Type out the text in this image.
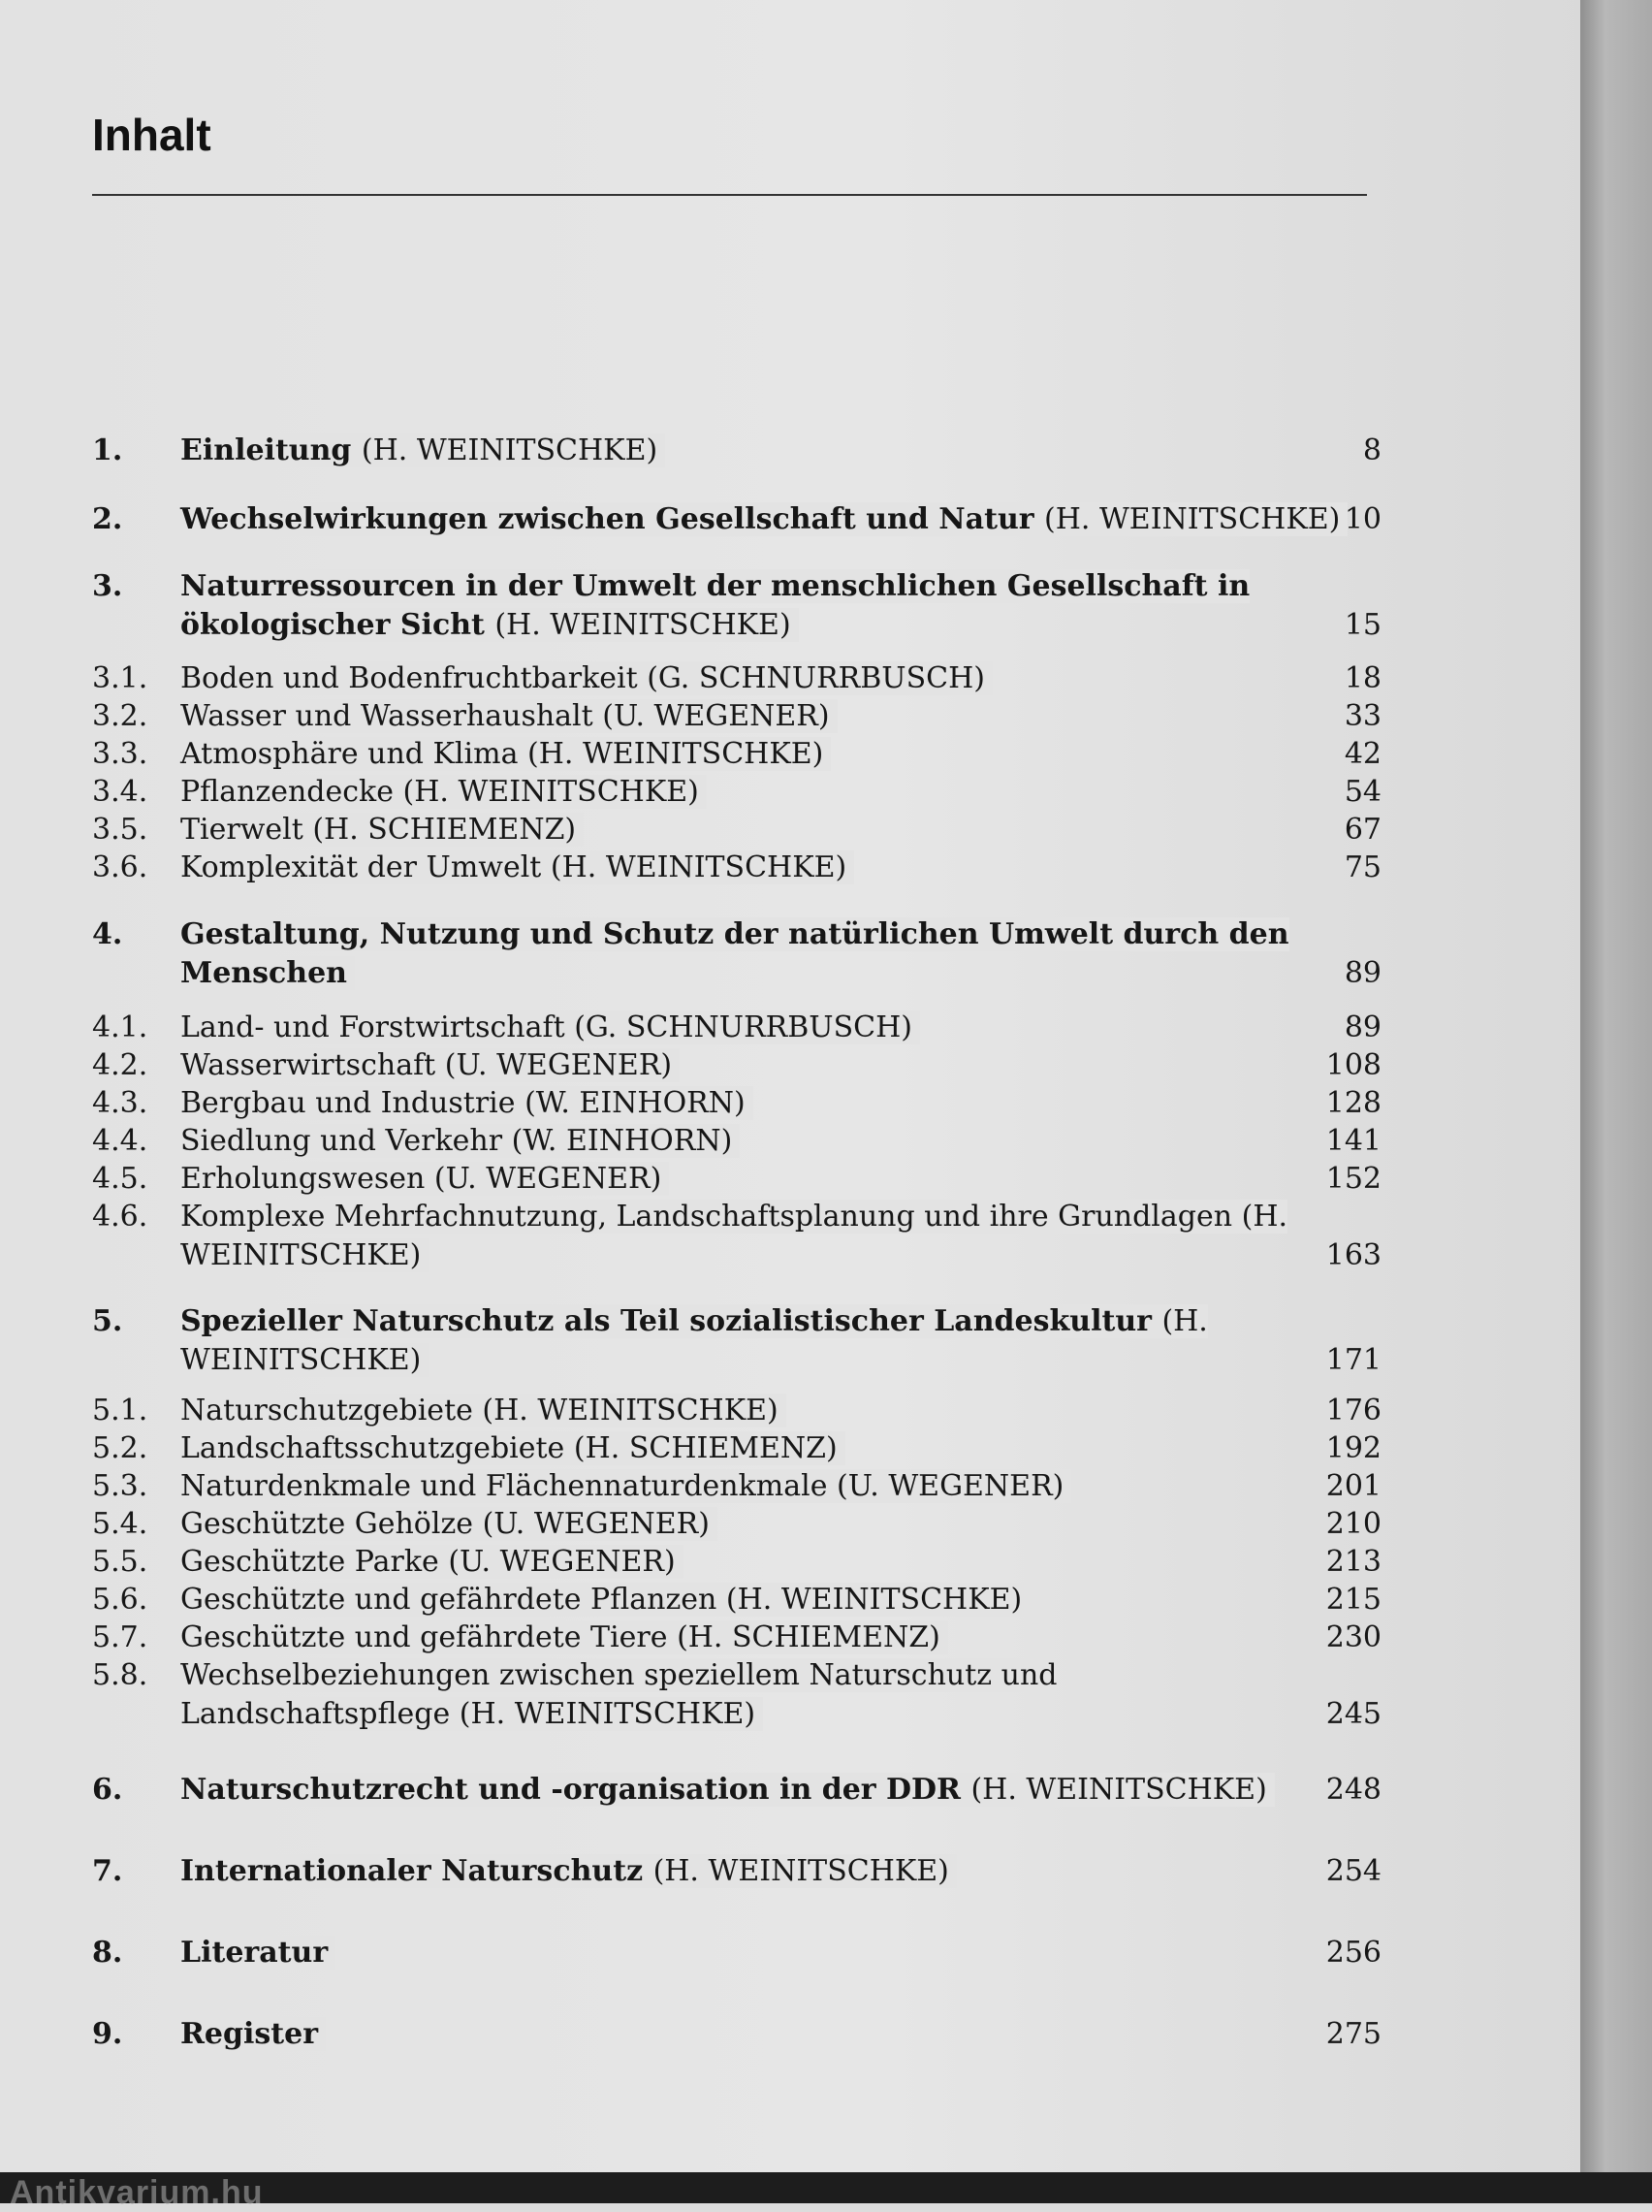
Inhalt
1. Einleitung (H. WEINITSCHKE) . . .	8
2. Wechselwirkungen zwischen Gesellschaft und Natur (H. WEINITSCHKE) . . . 10
3. Naturressourcen in der Umwelt der menschlichen Gesellschaft in ökologischer Sicht (H. WEINITSCHKE) . . .	15
3.1. Boden und Bodenfruchtbarkeit (G. SCHNURRBUSCH) . . .	18
3.2. Wasser und Wasserhaushalt (U. WEGENER) . . .	33
3.3. Atmosphäre und Klima (H. WEINITSCHKE) . . .	42
3.4. Pflanzendecke (H. WEINITSCHKE) . . .	54
3.5. Tierwelt (H. SCHIEMENZ) . . .	67
3.6. Komplexität der Umwelt (H. WEINITSCHKE) . . .	75
4. Gestaltung, Nutzung und Schutz der natürlichen Umwelt durch den Menschen . . .	89
4.1. Land- und Forstwirtschaft (G. SCHNURRBUSCH) . . .	89
4.2. Wasserwirtschaft (U. WEGENER) . . .	108
4.3. Bergbau und Industrie (W. EINHORN) . . .	128
4.4. Siedlung und Verkehr (W. EINHORN) . . .	141
4.5. Erholungswesen (U. WEGENER) . . .	152
4.6. Komplexe Mehrfachnutzung, Landschaftsplanung und ihre Grundlagen (H. WEINITSCHKE) . . .	163
5. Spezieller Naturschutz als Teil sozialistischer Landeskultur (H. WEINITSCHKE) . . .	171
5.1. Naturschutzgebiete (H. WEINITSCHKE) . . .	176
5.2. Landschaftsschutzgebiete (H. SCHIEMENZ) . . .	192
5.3. Naturdenkmale und Flächennaturdenkmale (U. WEGENER) . . .	201
5.4. Geschützte Gehölze (U. WEGENER) . . .	210
5.5. Geschützte Parke (U. WEGENER) . . .	213
5.6. Geschützte und gefährdete Pflanzen (H. WEINITSCHKE) . . .	215
5.7. Geschützte und gefährdete Tiere (H. SCHIEMENZ) . . .	230
5.8. Wechselbeziehungen zwischen speziellem Naturschutz und Landschaftspflege (H. WEINITSCHKE) . . .	245
6. Naturschutzrecht und -organisation in der DDR (H. WEINITSCHKE) . . .	248
7. Internationaler Naturschutz (H. WEINITSCHKE) . . .	254
8. Literatur . . .	256
9. Register . . .	275
Antikvarium.hu
